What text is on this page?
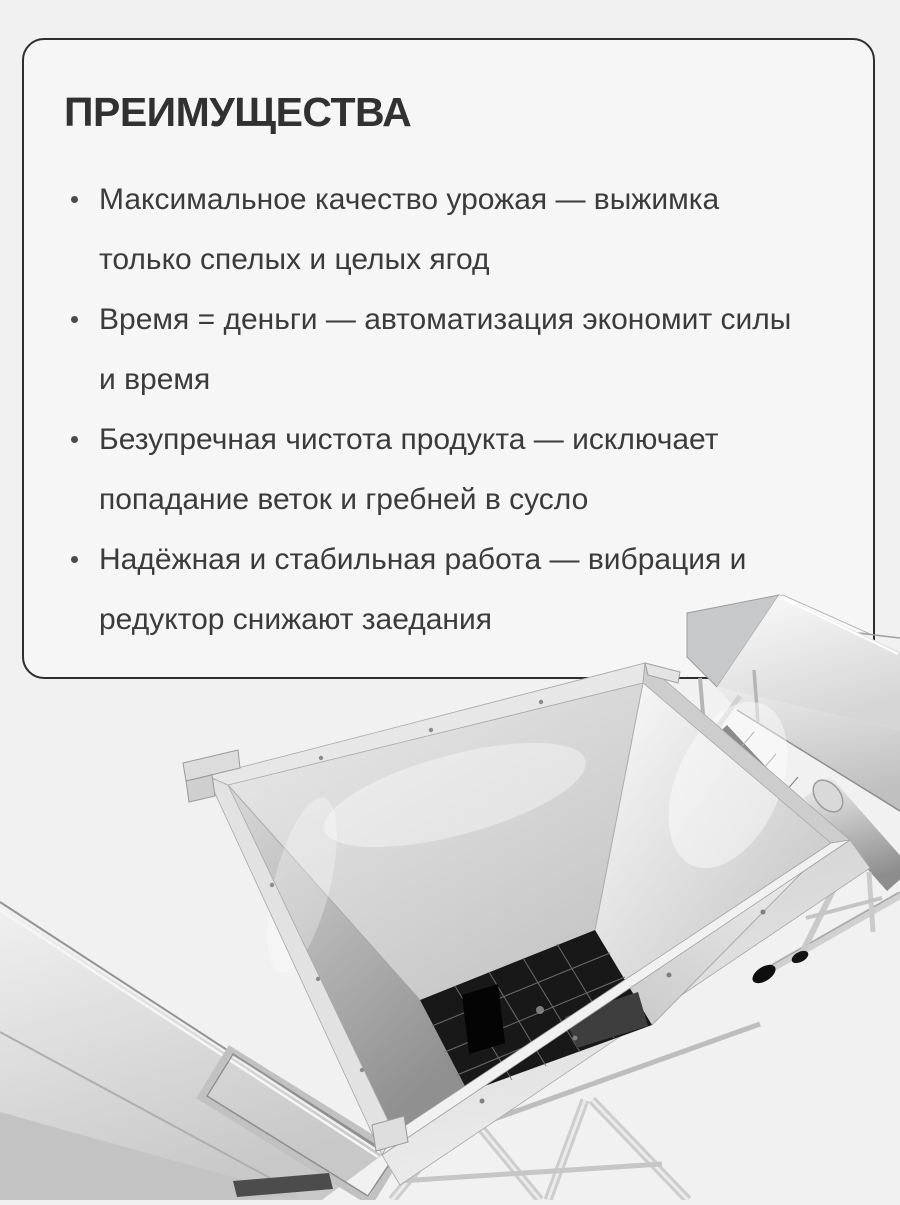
ПРЕИМУЩЕСТВА
Максимальное качество урожая — выжимка
только спелых и целых ягод
Время = деньги — автоматизация экономит силы
и время
Безупречная чистота продукта — исключает
попадание веток и гребней в сусло
Надёжная и стабильная работа — вибрация и
редуктор снижают заедания
